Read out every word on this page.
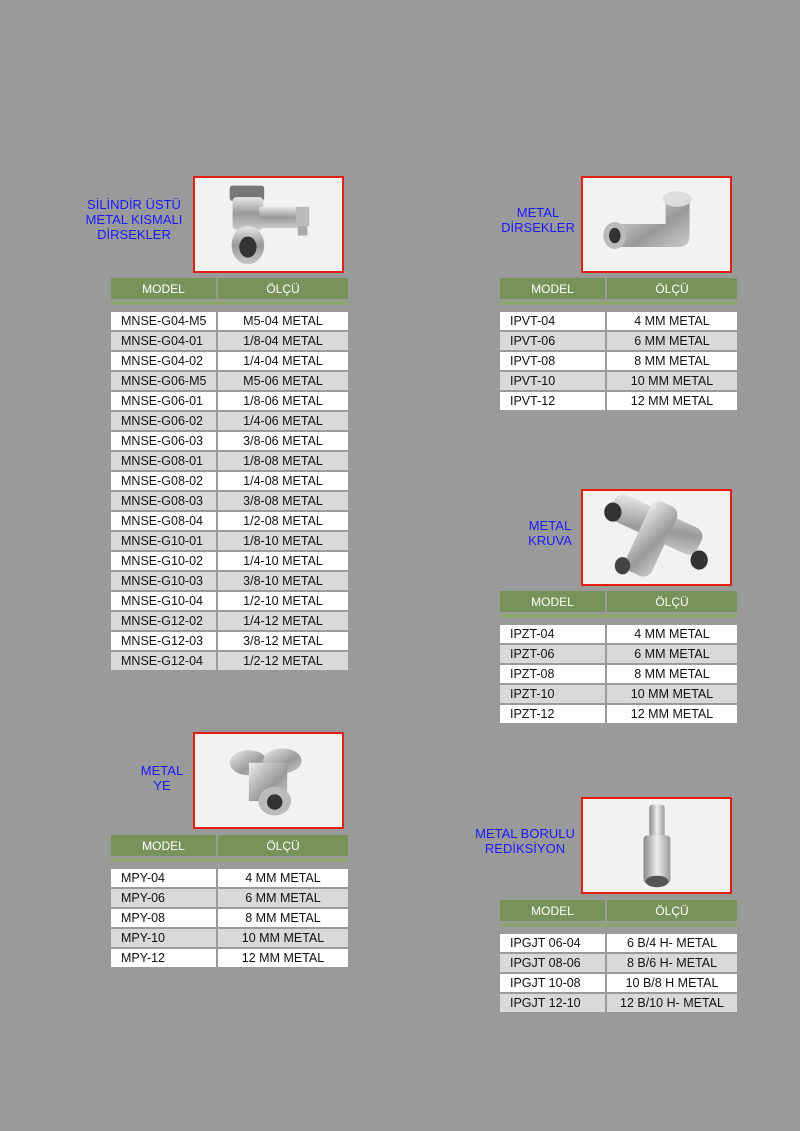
SİLİNDİR ÜSTÜ
METAL KISMALI
DİRSEKLER
MODEL	ÖLÇÜ
MNSE-G04-M5	M5-04 METAL
MNSE-G04-01	1/8-04 METAL
MNSE-G04-02	1/4-04 METAL
MNSE-G06-M5	M5-06 METAL
MNSE-G06-01	1/8-06 METAL
MNSE-G06-02	1/4-06 METAL
MNSE-G06-03	3/8-06 METAL
MNSE-G08-01	1/8-08 METAL
MNSE-G08-02	1/4-08 METAL
MNSE-G08-03	3/8-08 METAL
MNSE-G08-04	1/2-08 METAL
MNSE-G10-01	1/8-10 METAL
MNSE-G10-02	1/4-10 METAL
MNSE-G10-03	3/8-10 METAL
MNSE-G10-04	1/2-10 METAL
MNSE-G12-02	1/4-12 METAL
MNSE-G12-03	3/8-12 METAL
MNSE-G12-04	1/2-12 METAL
METAL
DİRSEKLER
MODEL	ÖLÇÜ
IPVT-04	4 MM METAL
IPVT-06	6 MM METAL
IPVT-08	8 MM METAL
IPVT-10	10 MM METAL
IPVT-12	12 MM METAL
METAL
KRUVA
MODEL	ÖLÇÜ
IPZT-04	4 MM METAL
IPZT-06	6 MM METAL
IPZT-08	8 MM METAL
IPZT-10	10 MM METAL
IPZT-12	12 MM METAL
METAL
YE
MODEL	ÖLÇÜ
MPY-04	4 MM METAL
MPY-06	6 MM METAL
MPY-08	8 MM METAL
MPY-10	10 MM METAL
MPY-12	12 MM METAL
METAL BORULU
REDİKSİYON
MODEL	ÖLÇÜ
IPGJT 06-04	6 B/4 H- METAL
IPGJT 08-06	8 B/6 H- METAL
IPGJT 10-08	10 B/8 H METAL
IPGJT 12-10	12 B/10 H- METAL
